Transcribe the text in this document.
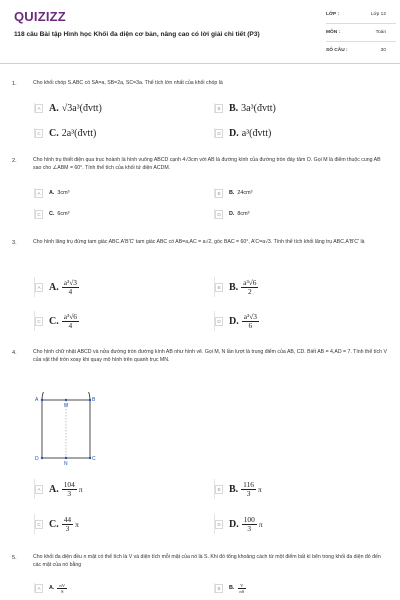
QUIZIZZ
118 câu Bài tập Hình học Khối đa diện cơ bản, nâng cao có lời giải chi tiết (P3)
LỚP :	Lớp 12
MÔN :	Toán
SỐ CÂU :	30
1.	Cho khối chóp S.ABC có SA=a, SB=2a, SC=3a. Thể tích lớn nhất của khối chóp là
A A. √3a³(đvtt)	B B. 3a³(đvtt)
C C. 2a³(đvtt)	D D. a³(đvtt)
2.	Cho hình trụ thiết diện qua trục hoành là hình vuông ABCD cạnh 4√3cm với AB là đường kính của đường tròn đáy tâm O. Gọi M là điểm thuộc cung AB sao cho ∠ABM = 60°. Tính thể tích của khối tứ diện ACDM.
A	A. 3cm³	B	B. 24cm³
C	C. 6cm³	D	D. 8cm³
3.	Cho hình lăng trụ đứng tam giác ABC.A'B'C' tam giác ABC có AB=a,AC = a√2, góc BAC = 60°, A'C=a√3. Tính thể tích khối lăng trụ ABC.A'B'C' là
A A. $\frac{\text{a³√3}}{4}$	B B. $\frac{\text{a³√6}}{2}$
C C. $\frac{\text{a³√6}}{4}$	D D. $\frac{\text{a³√3}}{6}$
4.	Cho hình chữ nhật ABCD và nửa đường tròn đường kính AB như hình vẽ. Gọi M, N lần lượt là trung điểm của AB, CD. Biết AB = 4,AD = 7. Tính thể tích V của vật thể tròn xoay khi quay mô hình trên quanh trục MN.
A	B
M
D	C
N
A A. $\frac{104}{3}$ π	B B. $\frac{116}{3}$ π
C C. $\frac{44}{3}$ π	D D. $\frac{100}{3}$ π
5.	Cho khối đa diện đều n mặt có thể tích là V và diện tích mỗi mặt của nó là S. Khi đó tổng khoảng cách từ một điểm bất kì bên trong khối đa diện đó đến các mặt của nó bằng
A	A. $\frac{nV}{S}$	B	B. $\frac{V}{nS}$
